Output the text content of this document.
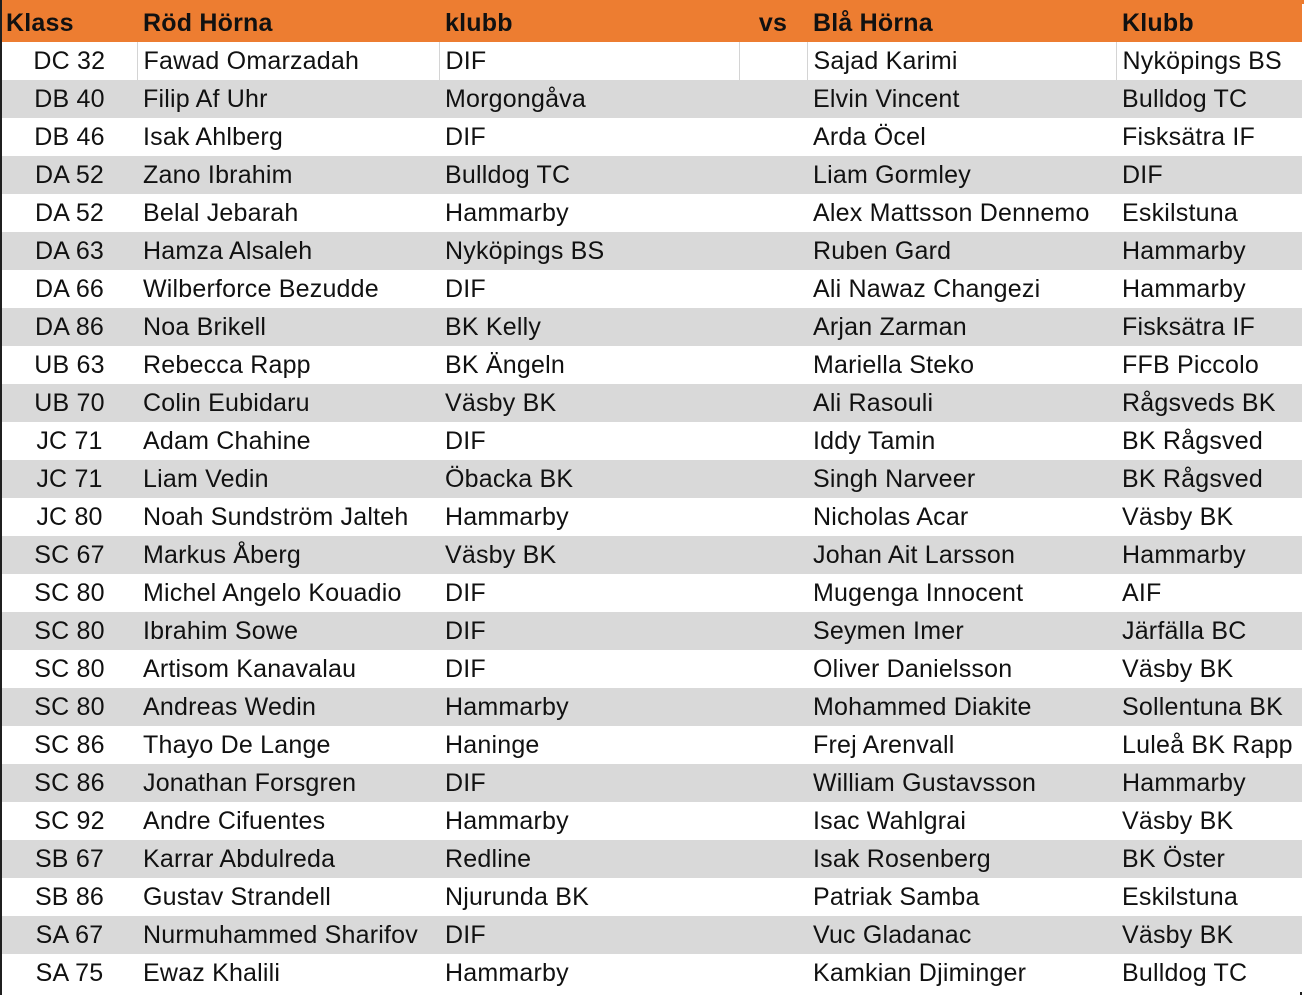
Klass	Röd Hörna	klubb	vs	Blå Hörna	Klubb
DC 32	Fawad Omarzadah	DIF		Sajad Karimi	Nyköpings BS
DB 40	Filip Af Uhr	Morgongåva		Elvin Vincent	Bulldog TC
DB 46	Isak Ahlberg	DIF		Arda Öcel	Fisksätra IF
DA 52	Zano Ibrahim	Bulldog TC		Liam Gormley	DIF
DA 52	Belal Jebarah	Hammarby		Alex Mattsson Dennemo	Eskilstuna
DA 63	Hamza Alsaleh	Nyköpings BS		Ruben Gard	Hammarby
DA 66	Wilberforce Bezudde	DIF		Ali Nawaz Changezi	Hammarby
DA 86	Noa Brikell	BK Kelly		Arjan Zarman	Fisksätra IF
UB 63	Rebecca Rapp	BK Ängeln		Mariella Steko	FFB Piccolo
UB 70	Colin Eubidaru	Väsby BK		Ali Rasouli	Rågsveds BK
JC 71	Adam Chahine	DIF		Iddy Tamin	BK Rågsved
JC 71	Liam Vedin	Öbacka BK		Singh Narveer	BK Rågsved
JC 80	Noah Sundström Jalteh	Hammarby		Nicholas Acar	Väsby BK
SC 67	Markus Åberg	Väsby BK		Johan Ait Larsson	Hammarby
SC 80	Michel Angelo Kouadio	DIF		Mugenga Innocent	AIF
SC 80	Ibrahim Sowe	DIF		Seymen Imer	Järfälla BC
SC 80	Artisom Kanavalau	DIF		Oliver Danielsson	Väsby BK
SC 80	Andreas Wedin	Hammarby		Mohammed Diakite	Sollentuna BK
SC 86	Thayo De Lange	Haninge		Frej Arenvall	Luleå BK Rapp
SC 86	Jonathan Forsgren	DIF		William Gustavsson	Hammarby
SC 92	Andre Cifuentes	Hammarby		Isac Wahlgrai	Väsby BK
SB 67	Karrar Abdulreda	Redline		Isak Rosenberg	BK Öster
SB 86	Gustav Strandell	Njurunda BK		Patriak Samba	Eskilstuna
SA 67	Nurmuhammed Sharifov	DIF		Vuc Gladanac	Väsby BK
SA 75	Ewaz Khalili	Hammarby		Kamkian Djiminger	Bulldog TC
